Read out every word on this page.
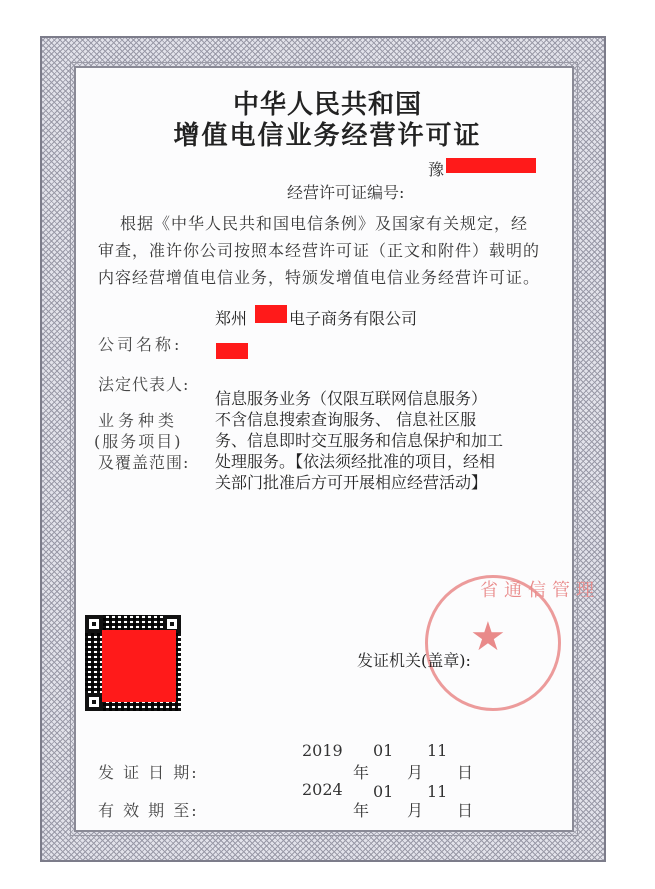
中华人民共和国
增值电信业务经营许可证
豫
经营许可证编号:
根据《中华人民共和国电信条例》及国家有关规定，经
审查，准许你公司按照本经营许可证（正文和附件）载明的
内容经营增值电信业务，特颁发增值电信业务经营许可证。
郑州	电子商务有限公司
公司名称:
法定代表人:
业务种类
(服务项目)
及覆盖范围:
信息服务业务（仅限互联网信息服务）
不含信息搜索查询服务、 信息社区服
务、信息即时交互服务和信息保护和加工
处理服务。【依法须经批准的项目，经相
关部门批准后方可开展相应经营活动】
省通信管理
★
发证机关(盖章):
2019 01 11
发 证 日 期:	年 月 日
2024 01 11
有 效 期 至:	年 月 日
